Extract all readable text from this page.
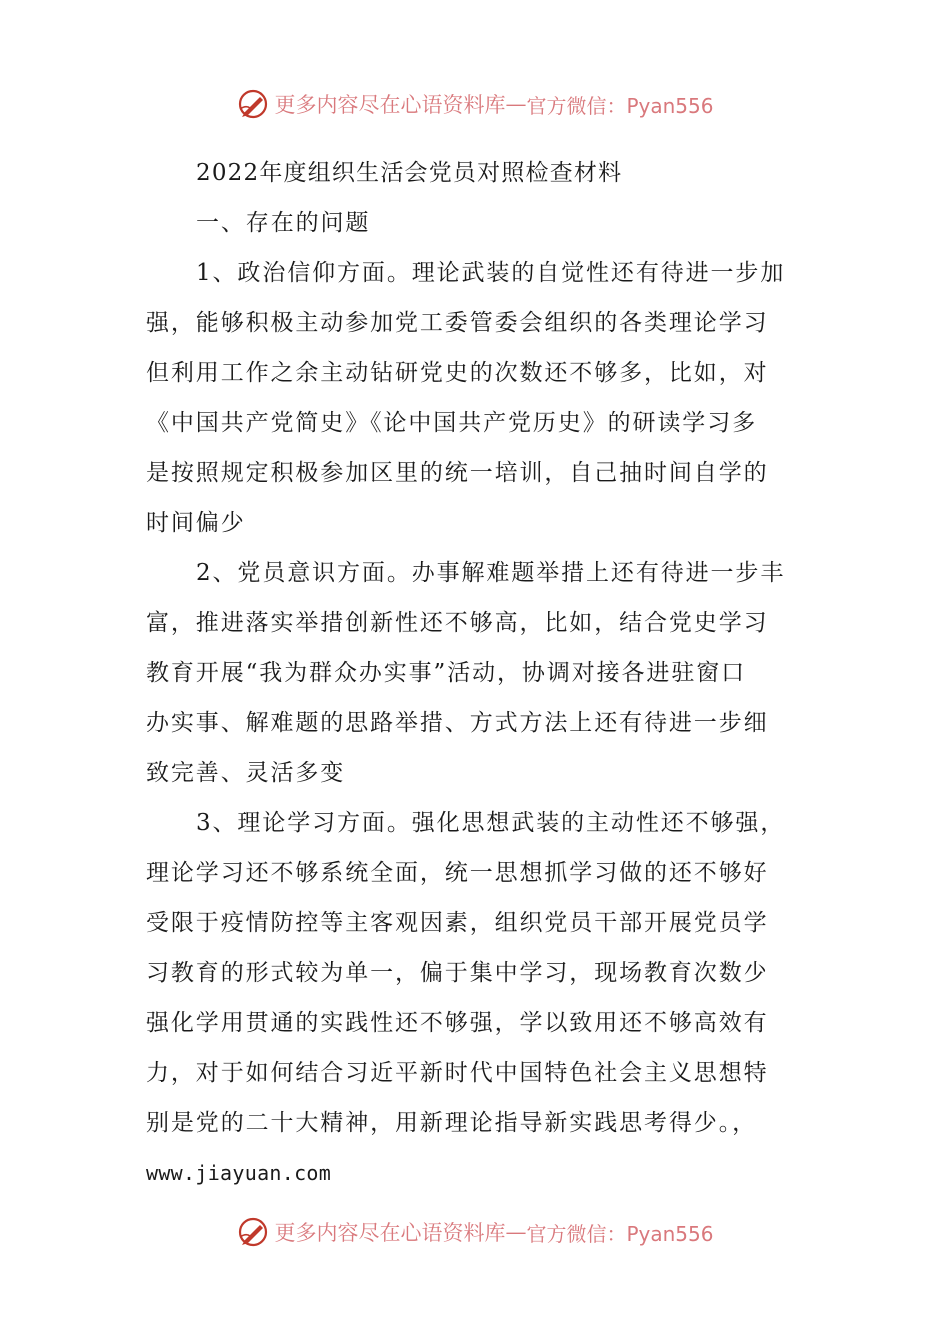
更多内容尽在心语资料库 — 官方微信：Pyan556
2022年度组织生活会党员对照检查材料
一、存在的问题
1、政治信仰方面。理论武装的自觉性还有待进一步加
强，能够积极主动参加党工委管委会组织的各类理论学习
但利用工作之余主动钻研党史的次数还不够多，比如，对
《中国共产党简史》《论中国共产党历史》的研读学习多
是按照规定积极参加区里的统一培训，自己抽时间自学的
时间偏少
2、党员意识方面。办事解难题举措上还有待进一步丰
富，推进落实举措创新性还不够高，比如，结合党史学习
教育开展“我为群众办实事”活动，协调对接各进驻窗口
办实事、解难题的思路举措、方式方法上还有待进一步细
致完善、灵活多变
3、理论学习方面。强化思想武装的主动性还不够强，
理论学习还不够系统全面，统一思想抓学习做的还不够好
受限于疫情防控等主客观因素，组织党员干部开展党员学
习教育的形式较为单一，偏于集中学习，现场教育次数少
强化学用贯通的实践性还不够强，学以致用还不够高效有
力，对于如何结合习近平新时代中国特色社会主义思想特
别是党的二十大精神，用新理论指导新实践思考得少。，
www.jiayuan.com
更多内容尽在心语资料库 — 官方微信：Pyan556
